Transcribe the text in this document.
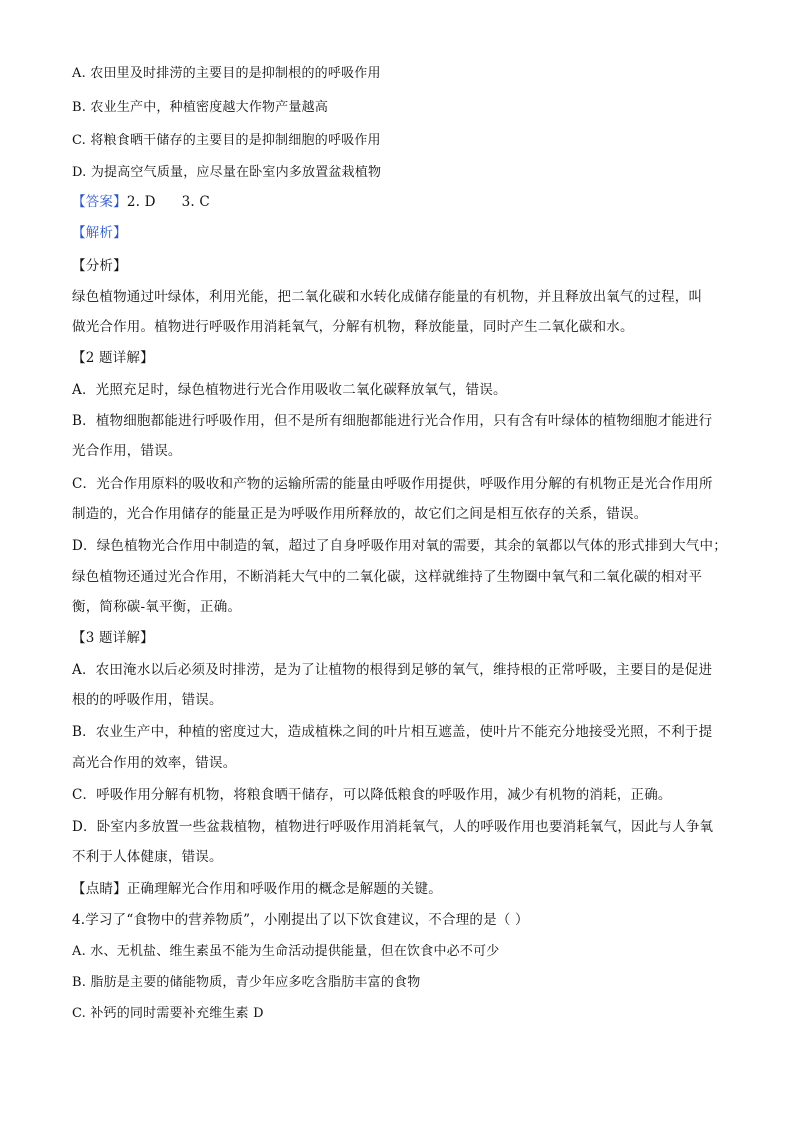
A. 农田里及时排涝的主要目的是抑制根的的呼吸作用
B. 农业生产中，种植密度越大作物产量越高
C. 将粮食晒干储存的主要目的是抑制细胞的呼吸作用
D. 为提高空气质量，应尽量在卧室内多放置盆栽植物
【答案】2. D 3. C
【解析】
【分析】
绿色植物通过叶绿体，利用光能，把二氧化碳和水转化成储存能量的有机物，并且释放出氧气的过程，叫
做光合作用。植物进行呼吸作用消耗氧气，分解有机物，释放能量，同时产生二氧化碳和水。
【2 题详解】
A．光照充足时，绿色植物进行光合作用吸收二氧化碳释放氧气，错误。
B．植物细胞都能进行呼吸作用，但不是所有细胞都能进行光合作用，只有含有叶绿体的植物细胞才能进行
光合作用，错误。
C．光合作用原料的吸收和产物的运输所需的能量由呼吸作用提供，呼吸作用分解的有机物正是光合作用所
制造的，光合作用储存的能量正是为呼吸作用所释放的，故它们之间是相互依存的关系，错误。
D．绿色植物光合作用中制造的氧，超过了自身呼吸作用对氧的需要，其余的氧都以气体的形式排到大气中；
绿色植物还通过光合作用，不断消耗大气中的二氧化碳，这样就维持了生物圈中氧气和二氧化碳的相对平
衡，简称碳-氧平衡，正确。
【3 题详解】
A．农田淹水以后必须及时排涝，是为了让植物的根得到足够的氧气，维持根的正常呼吸，主要目的是促进
根的的呼吸作用，错误。
B．农业生产中，种植的密度过大，造成植株之间的叶片相互遮盖，使叶片不能充分地接受光照，不利于提
高光合作用的效率，错误。
C．呼吸作用分解有机物，将粮食晒干储存，可以降低粮食的呼吸作用，减少有机物的消耗，正确。
D．卧室内多放置一些盆栽植物，植物进行呼吸作用消耗氧气，人的呼吸作用也要消耗氧气，因此与人争氧
不利于人体健康，错误。
【点睛】正确理解光合作用和呼吸作用的概念是解题的关键。
4.学习了“食物中的营养物质”，小刚提出了以下饮食建议，不合理的是（ ）
A. 水、无机盐、维生素虽不能为生命活动提供能量，但在饮食中必不可少
B. 脂肪是主要的储能物质，青少年应多吃含脂肪丰富的食物
C. 补钙的同时需要补充维生素 D
